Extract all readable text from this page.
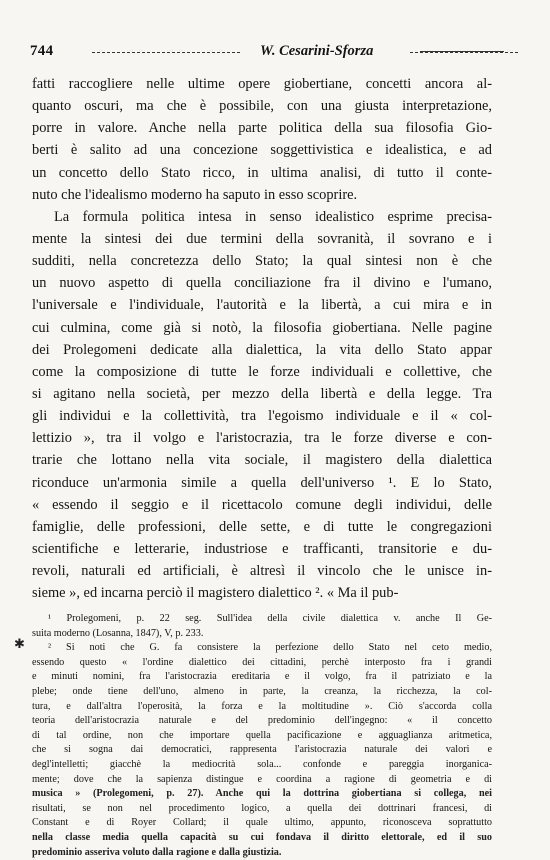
744	W. Cesarini-Sforza
fatti raccogliere nelle ultime opere giobertiane, concetti ancora al-
quanto oscuri, ma che è possibile, con una giusta interpretazione,
porre in valore. Anche nella parte politica della sua filosofia Gio-
berti è salito ad una concezione soggettivistica e idealistica, e ad
un concetto dello Stato ricco, in ultima analisi, di tutto il conte-
nuto che l'idealismo moderno ha saputo in esso scoprire.
La formula politica intesa in senso idealistico esprime precisa-
mente la sintesi dei due termini della sovranità, il sovrano e i
sudditi, nella concretezza dello Stato; la qual sintesi non è che
un nuovo aspetto di quella conciliazione fra il divino e l'umano,
l'universale e l'individuale, l'autorità e la libertà, a cui mira e in
cui culmina, come già si notò, la filosofia giobertiana. Nelle pagine
dei Prolegomeni dedicate alla dialettica, la vita dello Stato appar
come la composizione di tutte le forze individuali e collettive, che
si agitano nella società, per mezzo della libertà e della legge. Tra
gli individui e la collettività, tra l'egoismo individuale e il « col-
lettizio », tra il volgo e l'aristocrazia, tra le forze diverse e con-
trarie che lottano nella vita sociale, il magistero della dialettica
riconduce un'armonia simile a quella dell'universo ¹. E lo Stato,
« essendo il seggio e il ricettacolo comune degli individui, delle
famiglie, delle professioni, delle sette, e di tutte le congregazioni
scientifiche e letterarie, industriose e trafficanti, transitorie e du-
revoli, naturali ed artificiali, è altresì il vincolo che le unisce in-
sieme », ed incarna perciò il magistero dialettico ². « Ma il pub-
✱
¹ Prolegomeni, p. 22 seg. Sull'idea della civile dialettica v. anche Il Ge-
suita moderno (Losanna, 1847), V, p. 233.
² Si noti che G. fa consistere la perfezione dello Stato nel ceto medio,
essendo questo « l'ordine dialettico dei cittadini, perchè interposto fra i grandi
e minuti nomini, fra l'aristocrazia ereditaria e il volgo, fra il patriziato e la
plebe; onde tiene dell'uno, almeno in parte, la creanza, la ricchezza, la col-
tura, e dall'altra l'operosità, la forza e la moltitudine ». Ciò s'accorda colla
teoria dell'aristocrazia naturale e del predominio dell'ingegno: « il concetto
di tal ordine, non che importare quella pacificazione e agguaglianza aritmetica,
che si sogna dai democratici, rappresenta l'aristocrazia naturale dei valori e
degl'intelletti; giacchè la mediocrità sola... confonde e pareggia inorganica-
mente; dove che la sapienza distingue e coordina a ragione di geometria e di
musica » (Prolegomeni, p. 27). Anche qui la dottrina giobertiana si collega, nei
risultati, se non nel procedimento logico, a quella dei dottrinari francesi, di
Constant e di Royer Collard; il quale ultimo, appunto, riconosceva soprattutto
nella classe media quella capacità su cui fondava il diritto elettorale, ed il suo
predominio asseriva voluto dalla ragione e dalla giustizia.
